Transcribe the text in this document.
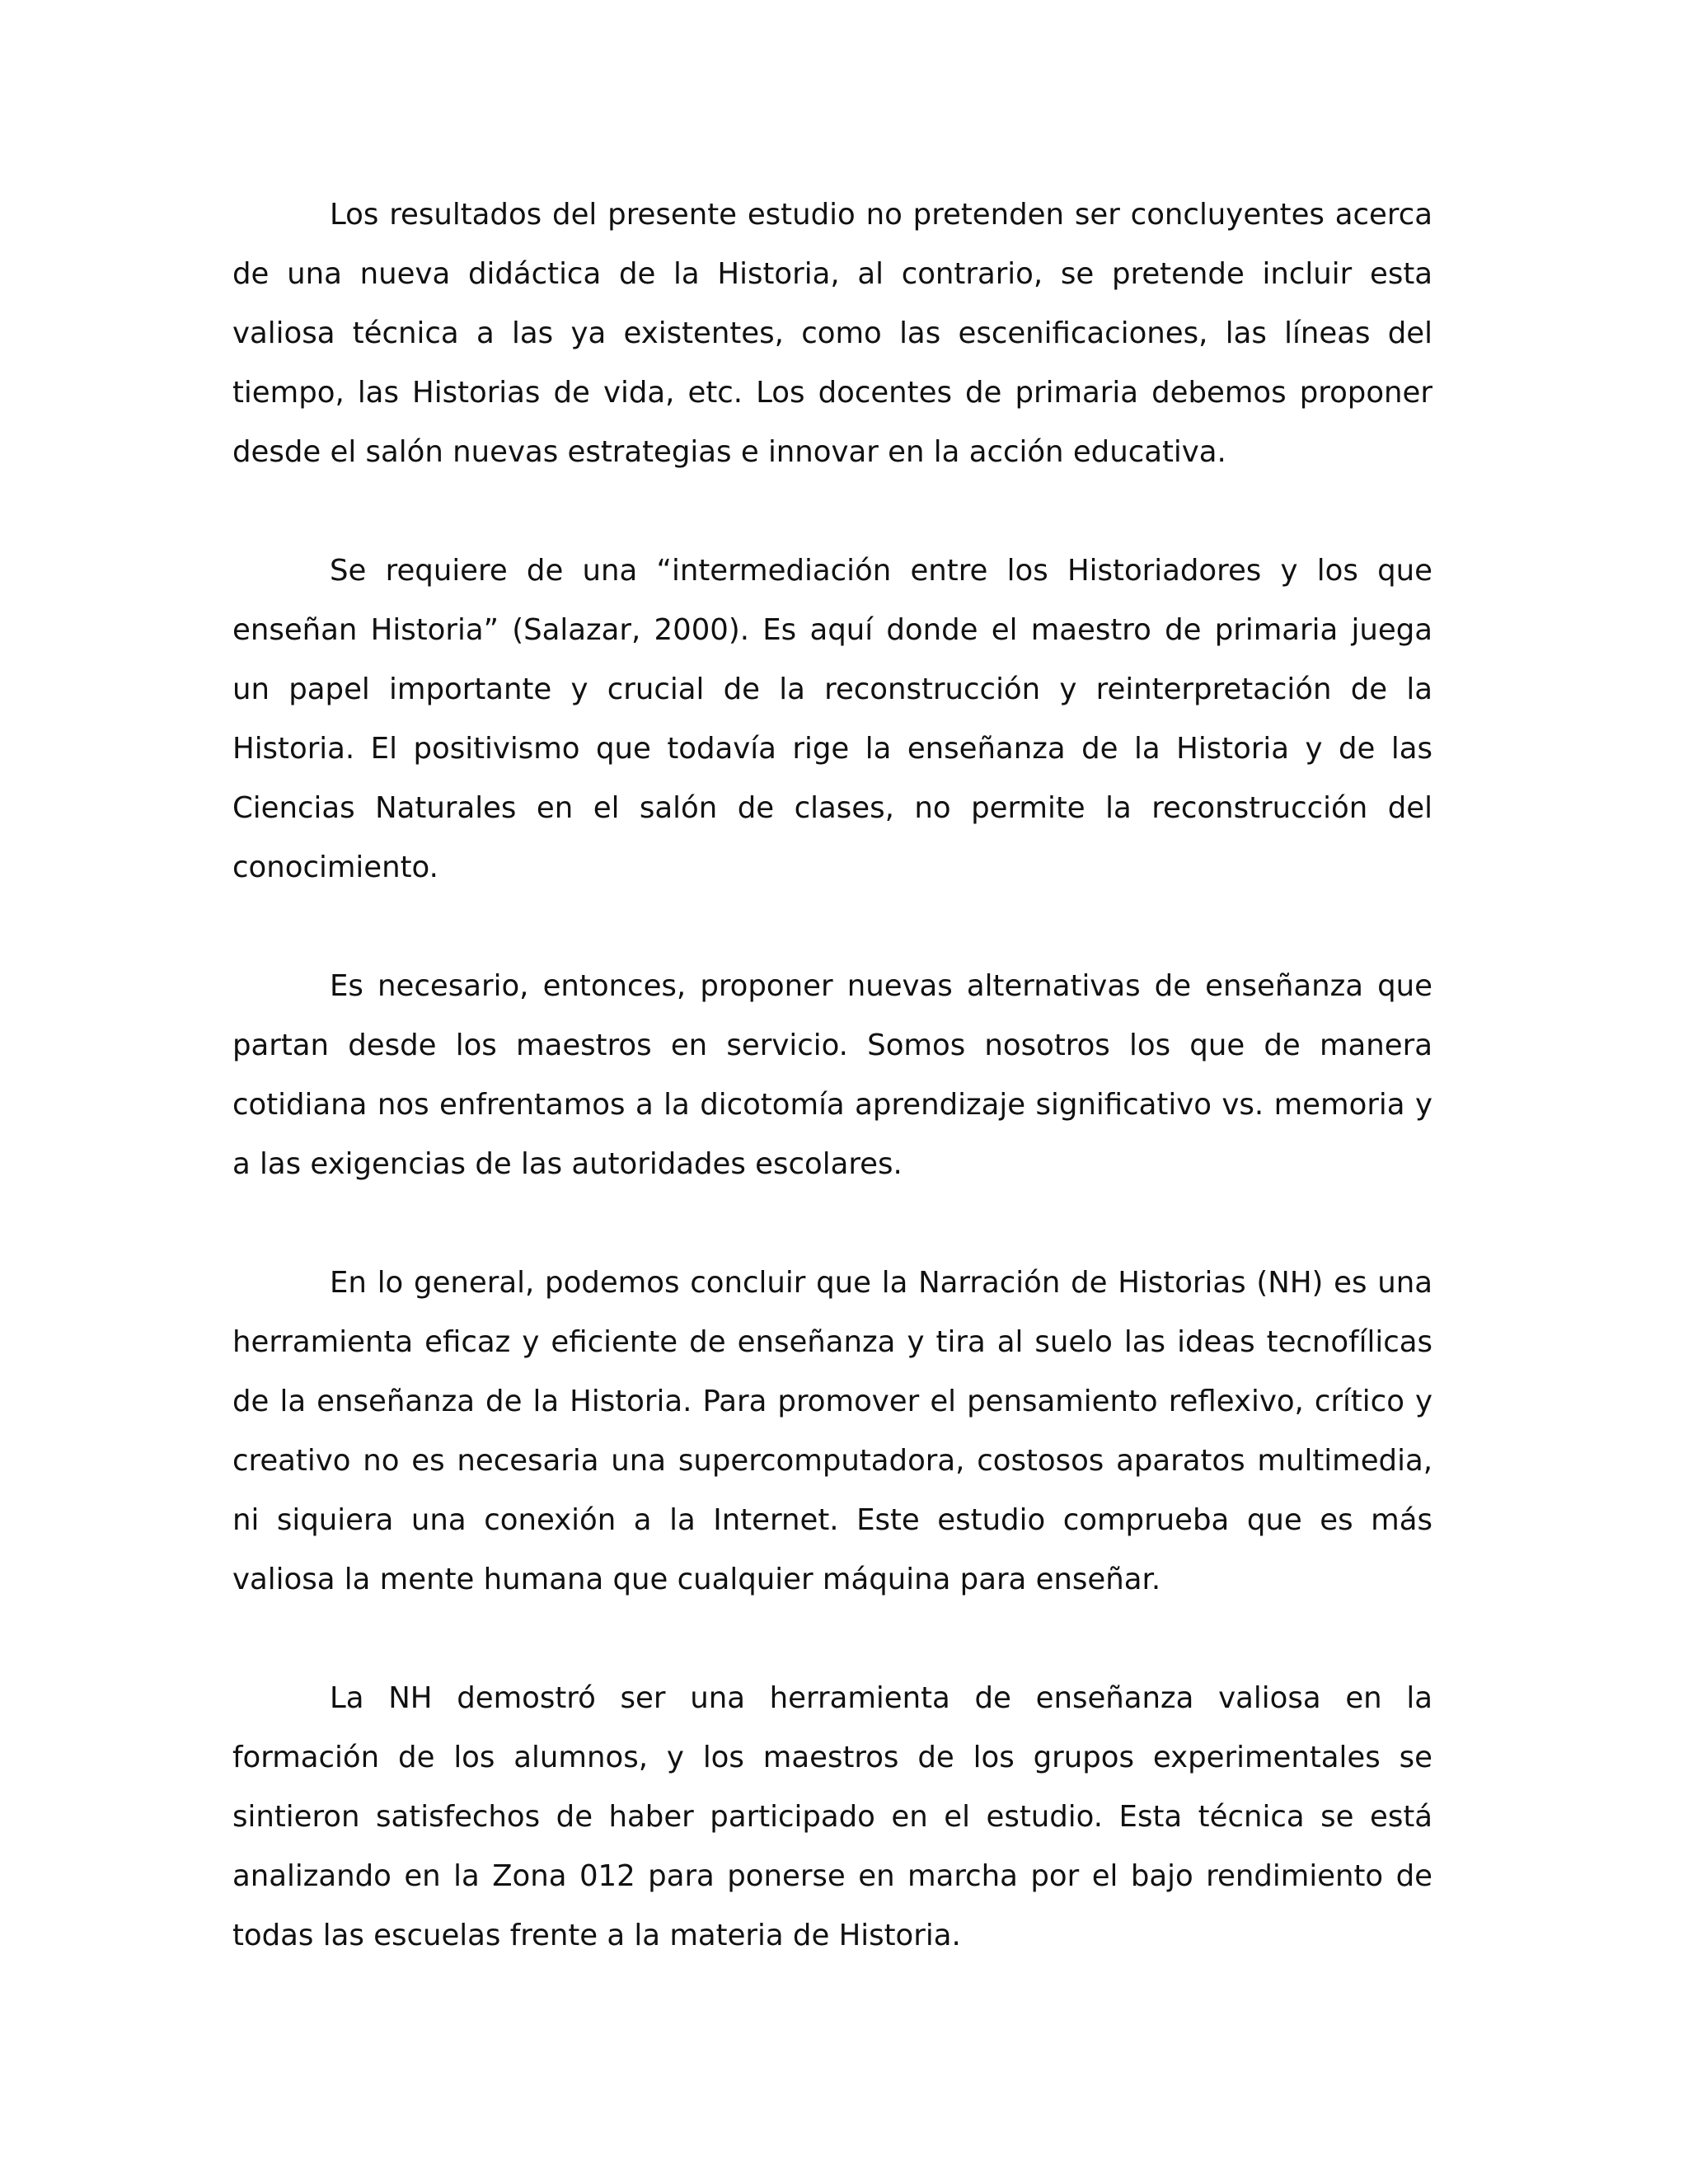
Los resultados del presente estudio no pretenden ser concluyentes acerca de una nueva didáctica de la Historia, al contrario, se pretende incluir esta valiosa técnica a las ya existentes, como las escenificaciones, las líneas del tiempo, las Historias de vida, etc. Los docentes de primaria debemos proponer desde el salón nuevas estrategias e innovar en la acción educativa.

Se requiere de una “intermediación entre los Historiadores y los que enseñan Historia” (Salazar, 2000). Es aquí donde el maestro de primaria juega un papel importante y crucial de la reconstrucción y reinterpretación de la Historia. El positivismo que todavía rige la enseñanza de la Historia y de las Ciencias Naturales en el salón de clases, no permite la reconstrucción del conocimiento.

Es necesario, entonces, proponer nuevas alternativas de enseñanza que partan desde los maestros en servicio. Somos nosotros los que de manera cotidiana nos enfrentamos a la dicotomía aprendizaje significativo vs. memoria y a las exigencias de las autoridades escolares.

En lo general, podemos concluir que la Narración de Historias (NH) es una herramienta eficaz y eficiente de enseñanza y tira al suelo las ideas tecnofílicas de la enseñanza de la Historia. Para promover el pensamiento reflexivo, crítico y creativo no es necesaria una supercomputadora, costosos aparatos multimedia, ni siquiera una conexión a la Internet. Este estudio comprueba que es más valiosa la mente humana que cualquier máquina para enseñar.

La NH demostró ser una herramienta de enseñanza valiosa en la formación de los alumnos, y los maestros de los grupos experimentales se sintieron satisfechos de haber participado en el estudio. Esta técnica se está analizando en la Zona 012 para ponerse en marcha por el bajo rendimiento de todas las escuelas frente a la materia de Historia.
